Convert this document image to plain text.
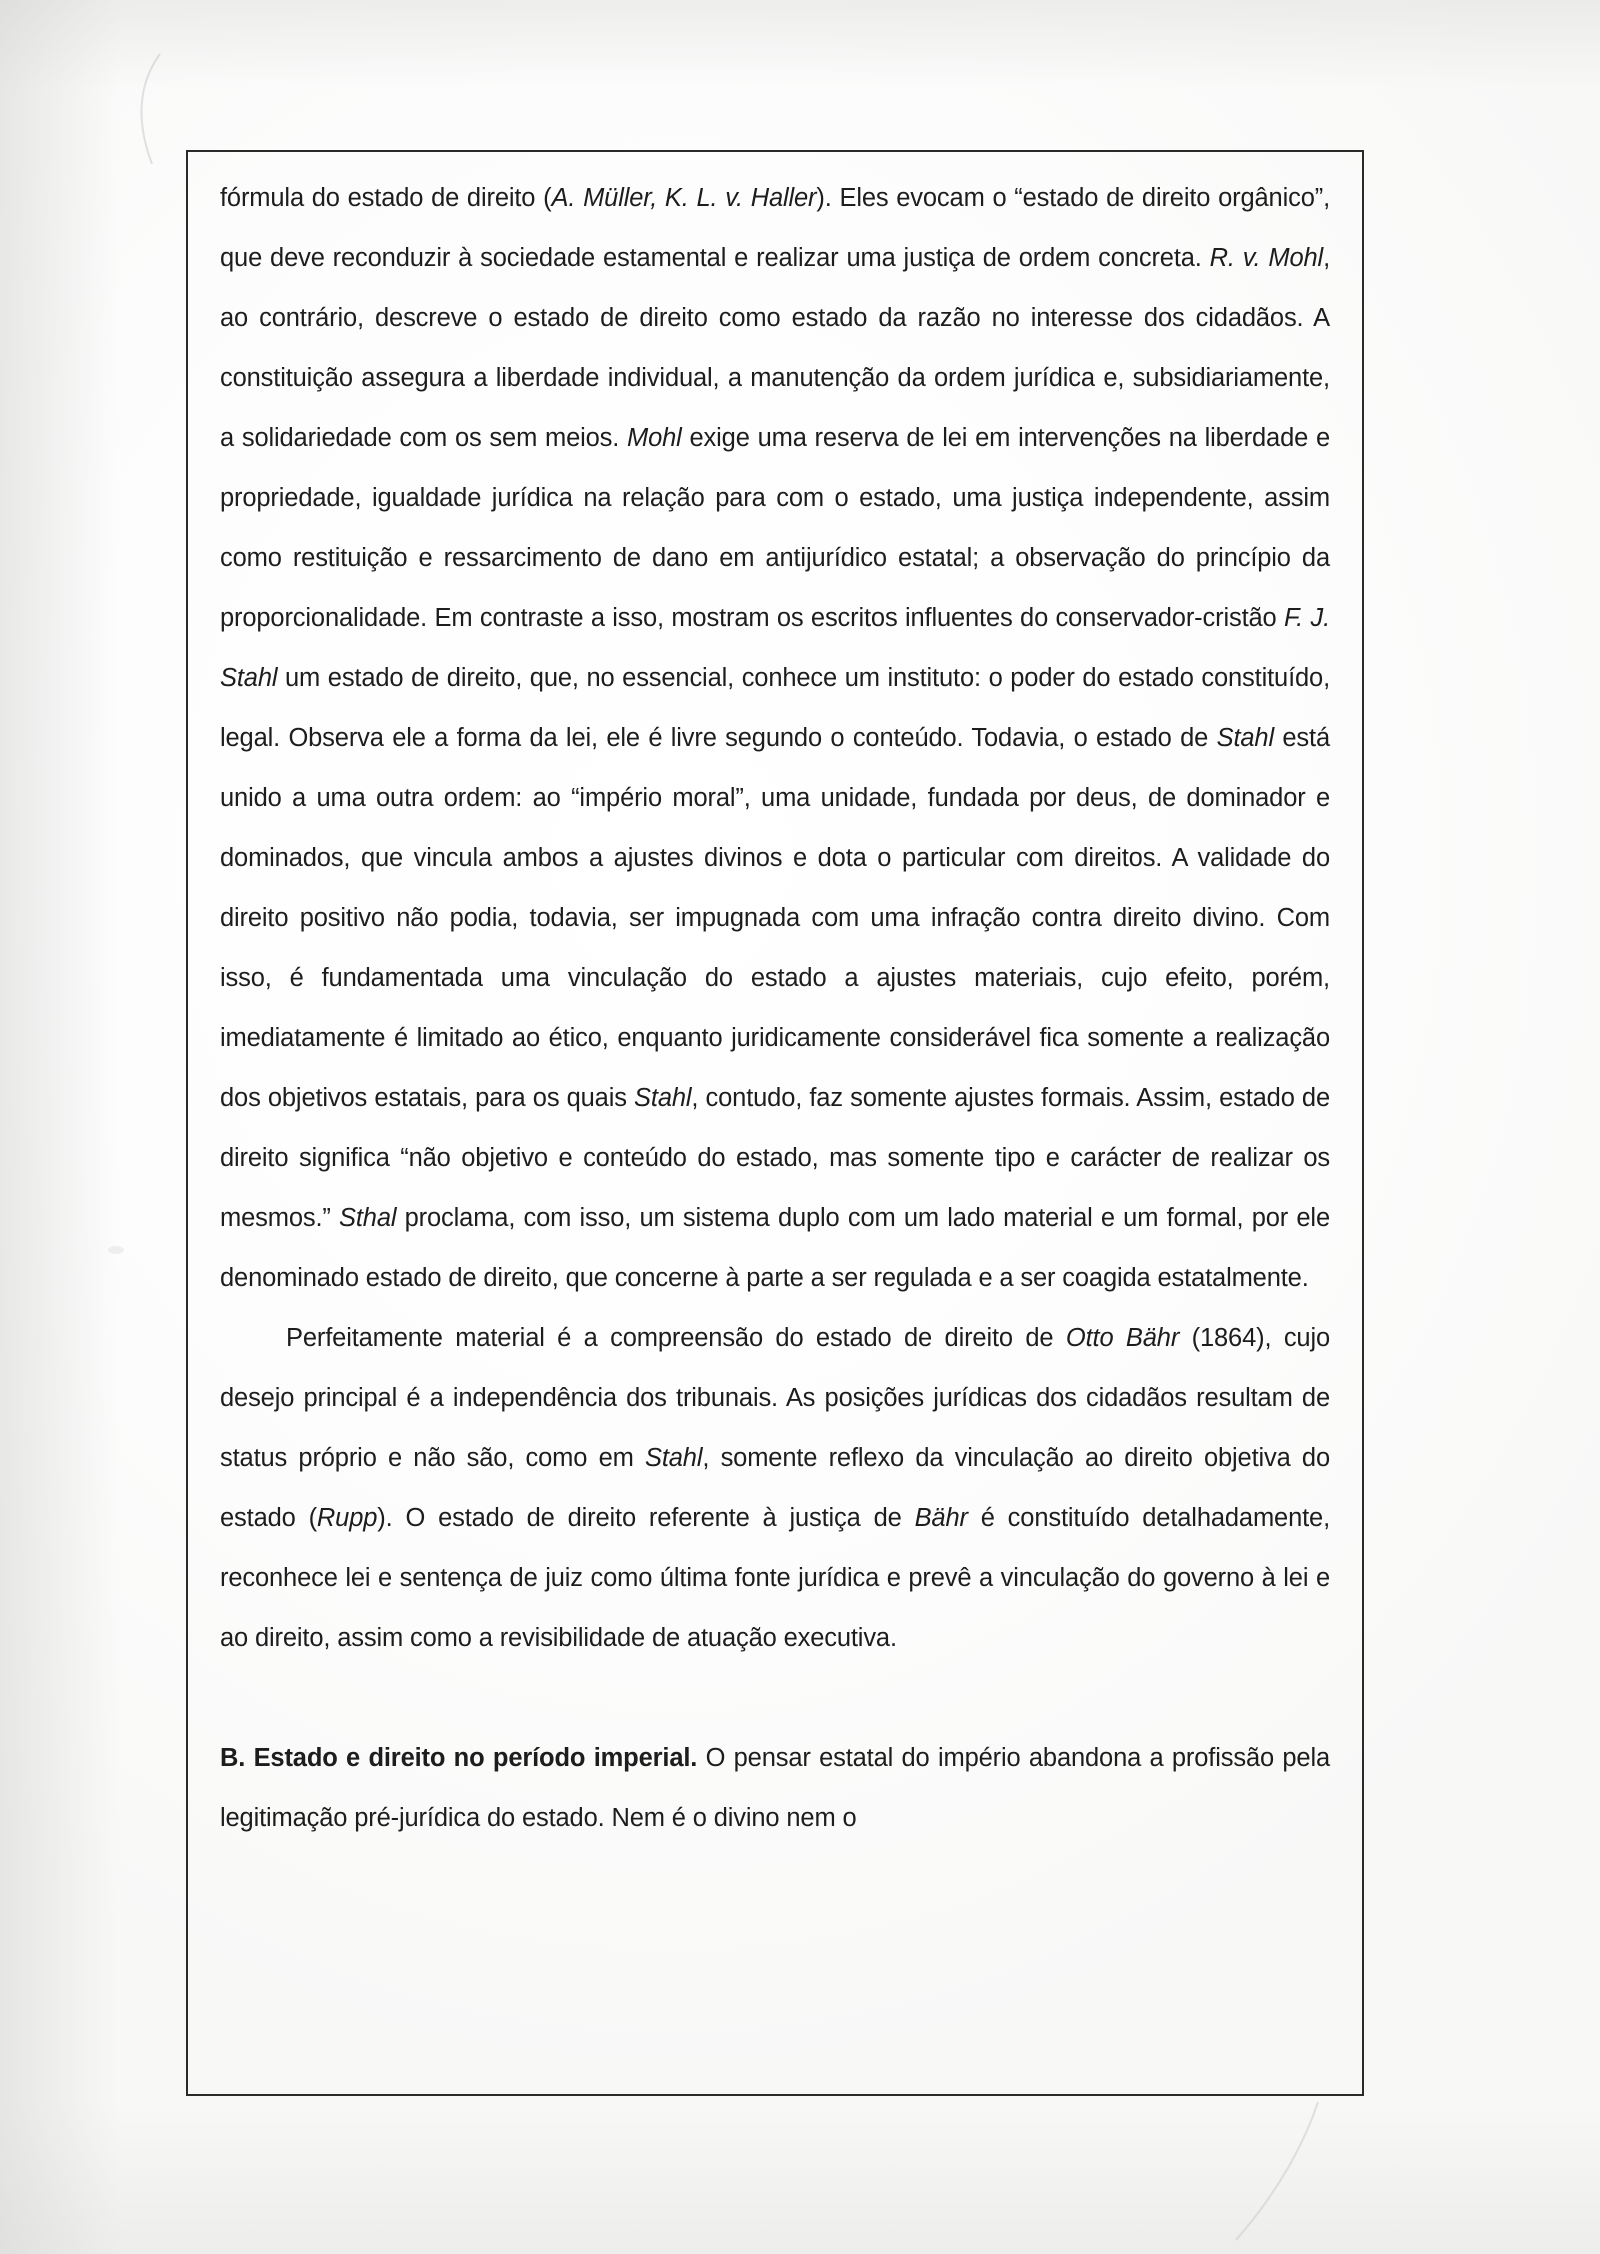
fórmula do estado de direito (A. Müller, K. L. v. Haller). Eles evocam o “estado de direito orgânico”, que deve reconduzir à sociedade estamental e realizar uma justiça de ordem concreta. R. v. Mohl, ao contrário, descreve o estado de direito como estado da razão no interesse dos cidadãos. A constituição assegura a liberdade individual, a manutenção da ordem jurídica e, subsidiariamente, a solidariedade com os sem meios. Mohl exige uma reserva de lei em intervenções na liberdade e propriedade, igualdade jurídica na relação para com o estado, uma justiça independente, assim como restituição e ressarcimento de dano em antijurídico estatal; a observação do princípio da proporcionalidade. Em contraste a isso, mostram os escritos influentes do conservador-cristão F. J. Stahl um estado de direito, que, no essencial, conhece um instituto: o poder do estado constituído, legal. Observa ele a forma da lei, ele é livre segundo o conteúdo. Todavia, o estado de Stahl está unido a uma outra ordem: ao “império moral”, uma unidade, fundada por deus, de dominador e dominados, que vincula ambos a ajustes divinos e dota o particular com direitos. A validade do direito positivo não podia, todavia, ser impugnada com uma infração contra direito divino. Com isso, é fundamentada uma vinculação do estado a ajustes materiais, cujo efeito, porém, imediatamente é limitado ao ético, enquanto juridicamente considerável fica somente a realização dos objetivos estatais, para os quais Stahl, contudo, faz somente ajustes formais. Assim, estado de direito significa “não objetivo e conteúdo do estado, mas somente tipo e carácter de realizar os mesmos.” Sthal proclama, com isso, um sistema duplo com um lado material e um formal, por ele denominado estado de direito, que concerne à parte a ser regulada e a ser coagida estatalmente.

Perfeitamente material é a compreensão do estado de direito de Otto Bähr (1864), cujo desejo principal é a independência dos tribunais. As posições jurídicas dos cidadãos resultam de status próprio e não são, como em Stahl, somente reflexo da vinculação ao direito objetiva do estado (Rupp). O estado de direito referente à justiça de Bähr é constituído detalhadamente, reconhece lei e sentença de juiz como última fonte jurídica e prevê a vinculação do governo à lei e ao direito, assim como a revisibilidade de atuação executiva.

B. Estado e direito no período imperial. O pensar estatal do império abandona a profissão pela legitimação pré-jurídica do estado. Nem é o divino nem o
